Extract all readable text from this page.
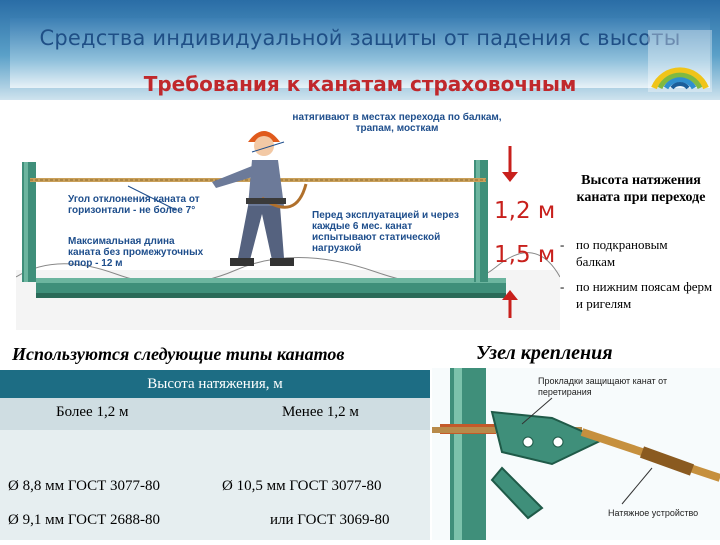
Средства индивидуальной защиты от падения с высоты
Требования к канатам страховочным
натягивают в местах перехода по балкам, трапам, мосткам
Угол отклонения каната от горизонтали - не более 7°
Максимальная длина каната без промежуточных опор - 12 м
Перед эксплуатацией и через каждые 6 мес. канат испытывают статической нагрузкой
1,2 м
1,5 м
Высота натяжения каната при переходе
- по подкрановым балкам
- по нижним поясам ферм и ригелям
Используются следующие типы канатов	Узел крепления
Высота натяжения, м
Более 1,2 м	Менее 1,2 м
Ø 8,8 мм ГОСТ 3077-80	Ø 10,5 мм ГОСТ 3077-80
Ø 9,1 мм ГОСТ 2688-80	или ГОСТ 3069-80
Прокладки защищают канат от перетирания
Натяжное устройство
